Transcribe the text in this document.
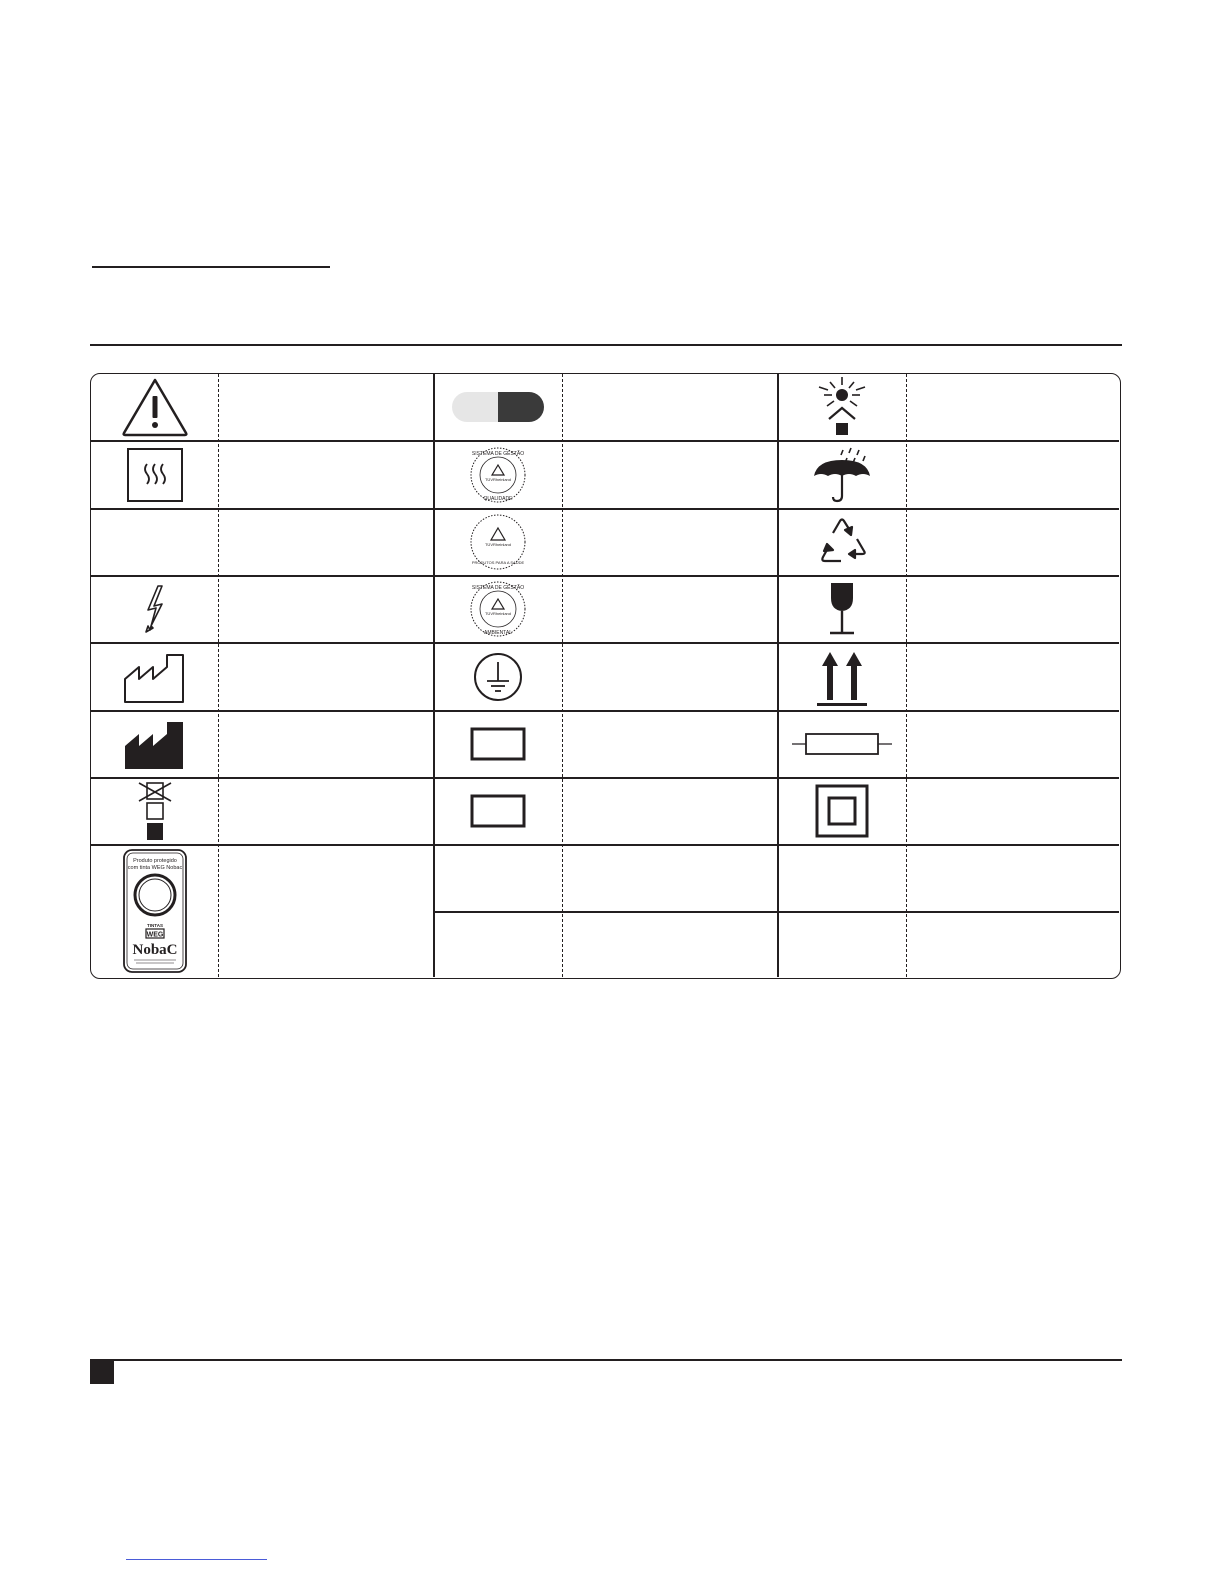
SISTEMA DE GESTÃO
TÜVRheinland
QUALIDADE
TÜVRheinland
PRODUTOS PARA A SAÚDE
SISTEMA DE GESTÃO
TÜVRheinland
AMBIENTAL
Produto protegido
com tinta WEG Nobac
TINTAS
WEG
NobaC
